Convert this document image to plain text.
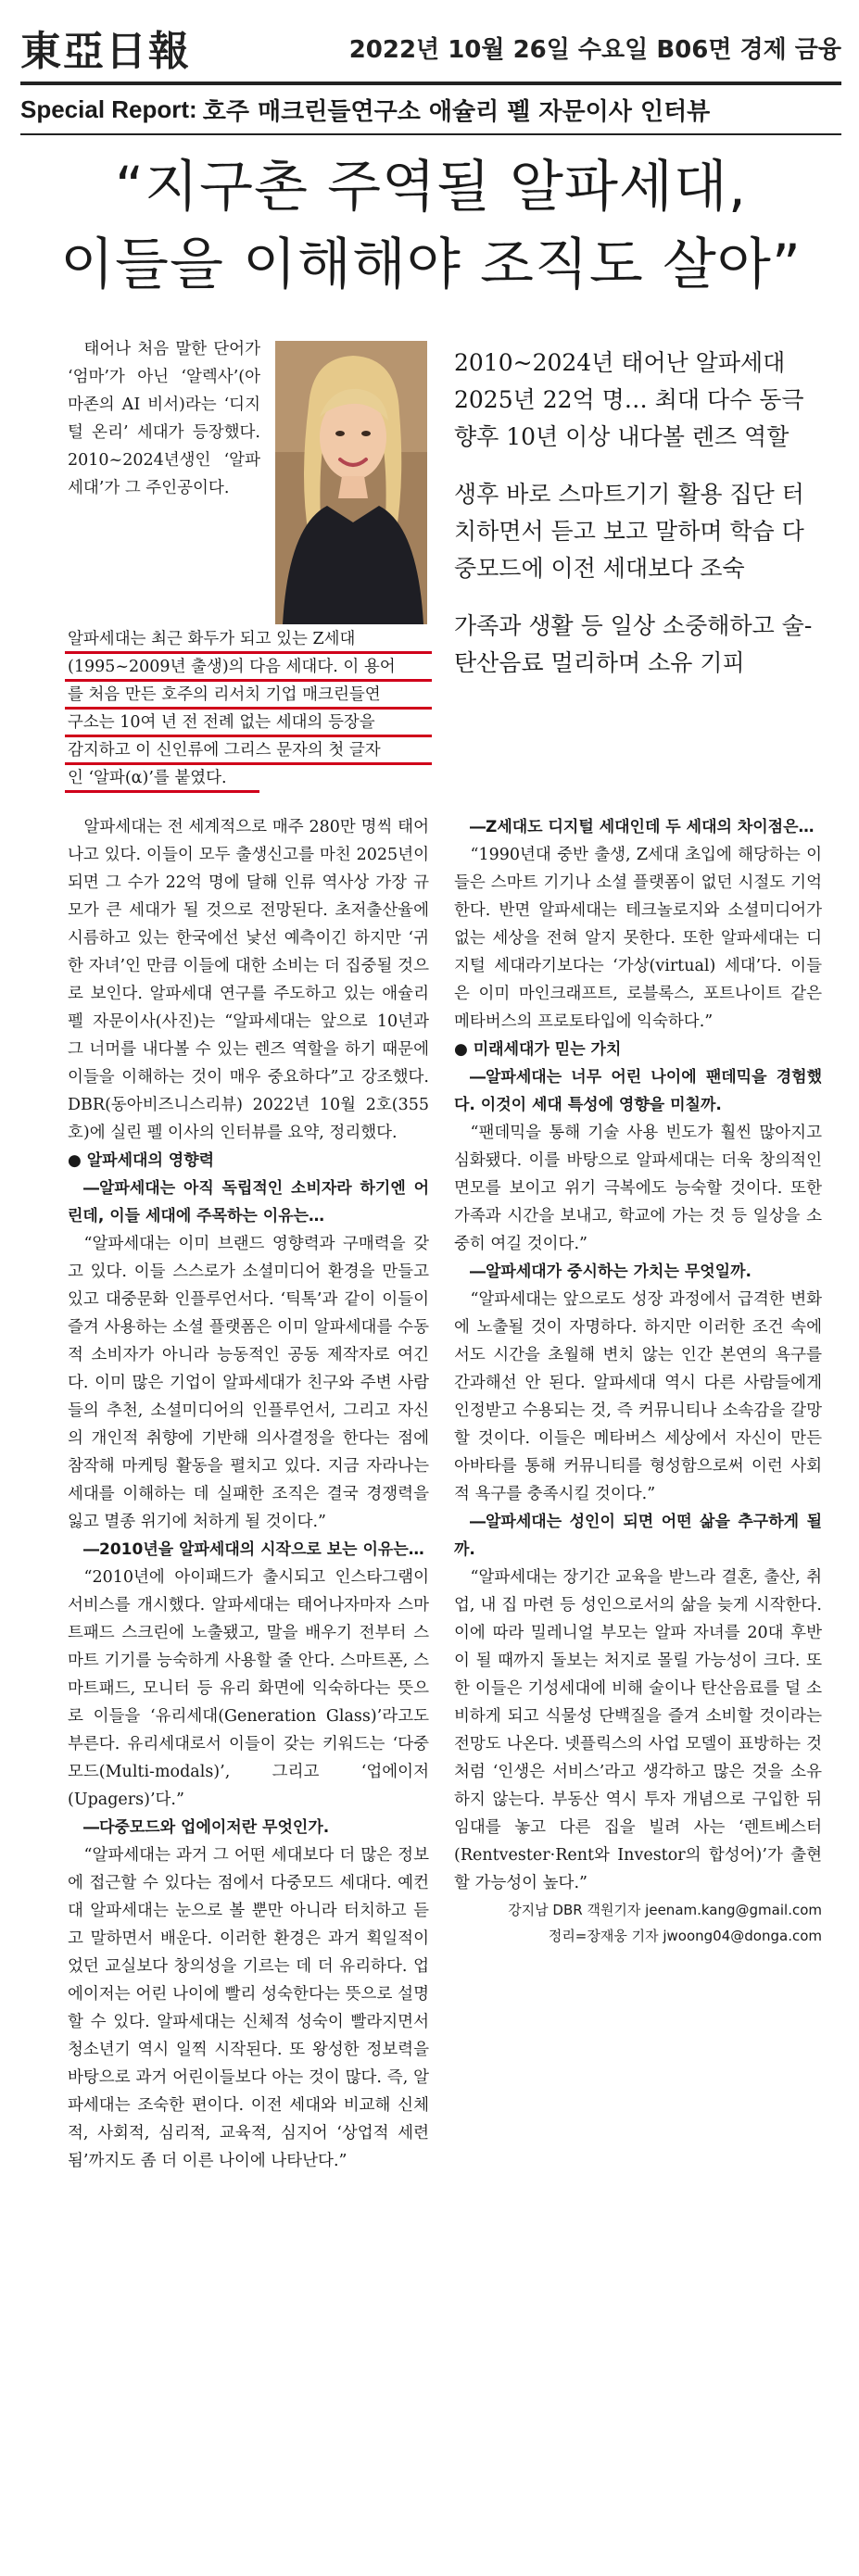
東亞日報	2022년 10월 26일 수요일 B06면 경제 금융
Special Report: 호주 매크린들연구소 애슐리 펠 자문이사 인터뷰
“지구촌 주역될 알파세대,
이들을 이해해야 조직도 살아”

태어나 처음 말한 단어가 ‘엄마’가 아닌 ‘알렉사’(아마존의 AI 비서)라는 ‘디지털 온리’ 세대가 등장했다. 2010~2024년생인 ‘알파세대’가 그 주인공이다.

알파세대는 최근 화두가 되고 있는 Z세대
(1995~2009년 출생)의 다음 세대다. 이 용어
를 처음 만든 호주의 리서치 기업 매크린들연
구소는 10여 년 전 전례 없는 세대의 등장을
감지하고 이 신인류에 그리스 문자의 첫 글자
인 ‘알파(α)’를 붙였다.

2010~2024년 태어난 알파세대 2025년 22억 명… 최대 다수 동극 향후 10년 이상 내다볼 렌즈 역할

생후 바로 스마트기기 활용 집단 터치하면서 듣고 보고 말하며 학습 다중모드에 이전 세대보다 조숙

가족과 생활 등 일상 소중해하고 술-탄산음료 멀리하며 소유 기피

알파세대는 전 세계적으로 매주 280만 명씩 태어나고 있다. 이들이 모두 출생신고를 마친 2025년이 되면 그 수가 22억 명에 달해 인류 역사상 가장 규모가 큰 세대가 될 것으로 전망된다. 초저출산율에 시름하고 있는 한국에선 낯선 예측이긴 하지만 ‘귀한 자녀’인 만큼 이들에 대한 소비는 더 집중될 것으로 보인다. 알파세대 연구를 주도하고 있는 애슐리 펠 자문이사(사진)는 “알파세대는 앞으로 10년과 그 너머를 내다볼 수 있는 렌즈 역할을 하기 때문에 이들을 이해하는 것이 매우 중요하다”고 강조했다. DBR(동아비즈니스리뷰) 2022년 10월 2호(355호)에 실린 펠 이사의 인터뷰를 요약, 정리했다.

● 알파세대의 영향력

―알파세대는 아직 독립적인 소비자라 하기엔 어린데, 이들 세대에 주목하는 이유는…

“알파세대는 이미 브랜드 영향력과 구매력을 갖고 있다. 이들 스스로가 소셜미디어 환경을 만들고 있고 대중문화 인플루언서다. ‘틱톡’과 같이 이들이 즐겨 사용하는 소셜 플랫폼은 이미 알파세대를 수동적 소비자가 아니라 능동적인 공동 제작자로 여긴다. 이미 많은 기업이 알파세대가 친구와 주변 사람들의 추천, 소셜미디어의 인플루언서, 그리고 자신의 개인적 취향에 기반해 의사결정을 한다는 점에 참작해 마케팅 활동을 펼치고 있다. 지금 자라나는 세대를 이해하는 데 실패한 조직은 결국 경쟁력을 잃고 멸종 위기에 처하게 될 것이다.”

―2010년을 알파세대의 시작으로 보는 이유는…

“2010년에 아이패드가 출시되고 인스타그램이 서비스를 개시했다. 알파세대는 태어나자마자 스마트패드 스크린에 노출됐고, 말을 배우기 전부터 스마트 기기를 능숙하게 사용할 줄 안다. 스마트폰, 스마트패드, 모니터 등 유리 화면에 익숙하다는 뜻으로 이들을 ‘유리세대(Generation Glass)’라고도 부른다. 유리세대로서 이들이 갖는 키워드는 ‘다중모드(Multi-modals)’, 그리고 ‘업에이저(Upagers)’다.”

―다중모드와 업에이저란 무엇인가.

“알파세대는 과거 그 어떤 세대보다 더 많은 정보에 접근할 수 있다는 점에서 다중모드 세대다. 예컨대 알파세대는 눈으로 볼 뿐만 아니라 터치하고 듣고 말하면서 배운다. 이러한 환경은 과거 획일적이었던 교실보다 창의성을 기르는 데 더 유리하다. 업에이저는 어린 나이에 빨리 성숙한다는 뜻으로 설명할 수 있다. 알파세대는 신체적 성숙이 빨라지면서 청소년기 역시 일찍 시작된다. 또 왕성한 정보력을 바탕으로 과거 어린이들보다 아는 것이 많다. 즉, 알파세대는 조숙한 편이다. 이전 세대와 비교해 신체적, 사회적, 심리적, 교육적, 심지어 ‘상업적 세련됨’까지도 좀 더 이른 나이에 나타난다.”

―Z세대도 디지털 세대인데 두 세대의 차이점은…

“1990년대 중반 출생, Z세대 초입에 해당하는 이들은 스마트 기기나 소셜 플랫폼이 없던 시절도 기억한다. 반면 알파세대는 테크놀로지와 소셜미디어가 없는 세상을 전혀 알지 못한다. 또한 알파세대는 디지털 세대라기보다는 ‘가상(virtual) 세대’다. 이들은 이미 마인크래프트, 로블록스, 포트나이트 같은 메타버스의 프로토타입에 익숙하다.”

● 미래세대가 믿는 가치

―알파세대는 너무 어린 나이에 팬데믹을 경험했다. 이것이 세대 특성에 영향을 미칠까.

“팬데믹을 통해 기술 사용 빈도가 훨씬 많아지고 심화됐다. 이를 바탕으로 알파세대는 더욱 창의적인 면모를 보이고 위기 극복에도 능숙할 것이다. 또한 가족과 시간을 보내고, 학교에 가는 것 등 일상을 소중히 여길 것이다.”

―알파세대가 중시하는 가치는 무엇일까.

“알파세대는 앞으로도 성장 과정에서 급격한 변화에 노출될 것이 자명하다. 하지만 이러한 조건 속에서도 시간을 초월해 변치 않는 인간 본연의 욕구를 간과해선 안 된다. 알파세대 역시 다른 사람들에게 인정받고 수용되는 것, 즉 커뮤니티나 소속감을 갈망할 것이다. 이들은 메타버스 세상에서 자신이 만든 아바타를 통해 커뮤니티를 형성함으로써 이런 사회적 욕구를 충족시킬 것이다.”

―알파세대는 성인이 되면 어떤 삶을 추구하게 될까.

“알파세대는 장기간 교육을 받느라 결혼, 출산, 취업, 내 집 마련 등 성인으로서의 삶을 늦게 시작한다. 이에 따라 밀레니얼 부모는 알파 자녀를 20대 후반이 될 때까지 돌보는 처지로 몰릴 가능성이 크다. 또한 이들은 기성세대에 비해 술이나 탄산음료를 덜 소비하게 되고 식물성 단백질을 즐겨 소비할 것이라는 전망도 나온다. 넷플릭스의 사업 모델이 표방하는 것처럼 ‘인생은 서비스’라고 생각하고 많은 것을 소유하지 않는다. 부동산 역시 투자 개념으로 구입한 뒤 임대를 놓고 다른 집을 빌려 사는 ‘렌트베스터(Rentvester·Rent와 Investor의 합성어)’가 출현할 가능성이 높다.”

강지남 DBR 객원기자 jeenam.kang@gmail.com
정리=장재웅 기자 jwoong04@donga.com
